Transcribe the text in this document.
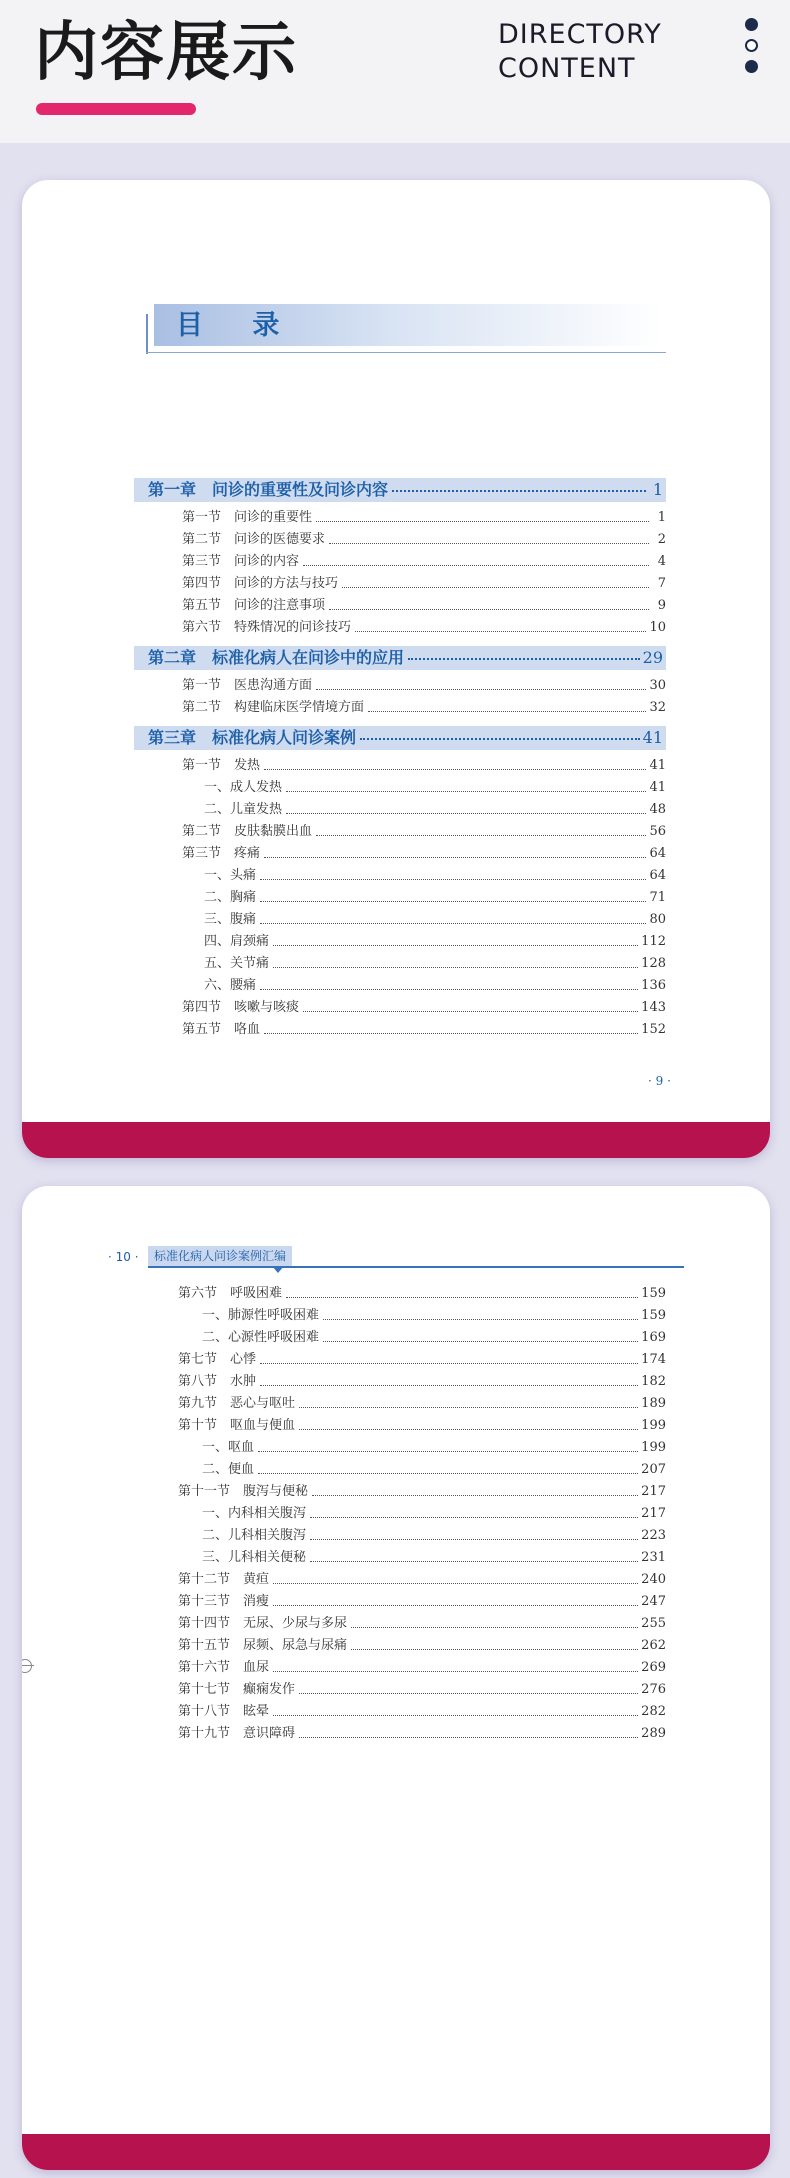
内容展示	DIRECTORY
CONTENT
目 录
第一章　问诊的重要性及问诊内容	1
第一节　问诊的重要性	1
第二节　问诊的医德要求	2
第三节　问诊的内容	4
第四节　问诊的方法与技巧	7
第五节　问诊的注意事项	9
第六节　特殊情况的问诊技巧	10
第二章　标准化病人在问诊中的应用	29
第一节　医患沟通方面	30
第二节　构建临床医学情境方面	32
第三章　标准化病人问诊案例	41
第一节　发热	41
一、成人发热	41
二、儿童发热	48
第二节　皮肤黏膜出血	56
第三节　疼痛	64
一、头痛	64
二、胸痛	71
三、腹痛	80
四、肩颈痛	112
五、关节痛	128
六、腰痛	136
第四节　咳嗽与咳痰	143
第五节　咯血	152
· 9 ·
· 10 ·	标准化病人问诊案例汇编
第六节　呼吸困难	159
一、肺源性呼吸困难	159
二、心源性呼吸困难	169
第七节　心悸	174
第八节　水肿	182
第九节　恶心与呕吐	189
第十节　呕血与便血	199
一、呕血	199
二、便血	207
第十一节　腹泻与便秘	217
一、内科相关腹泻	217
二、儿科相关腹泻	223
三、儿科相关便秘	231
第十二节　黄疸	240
第十三节　消瘦	247
第十四节　无尿、少尿与多尿	255
第十五节　尿频、尿急与尿痛	262
第十六节　血尿	269
第十七节　癫痫发作	276
第十八节　眩晕	282
第十九节　意识障碍	289
